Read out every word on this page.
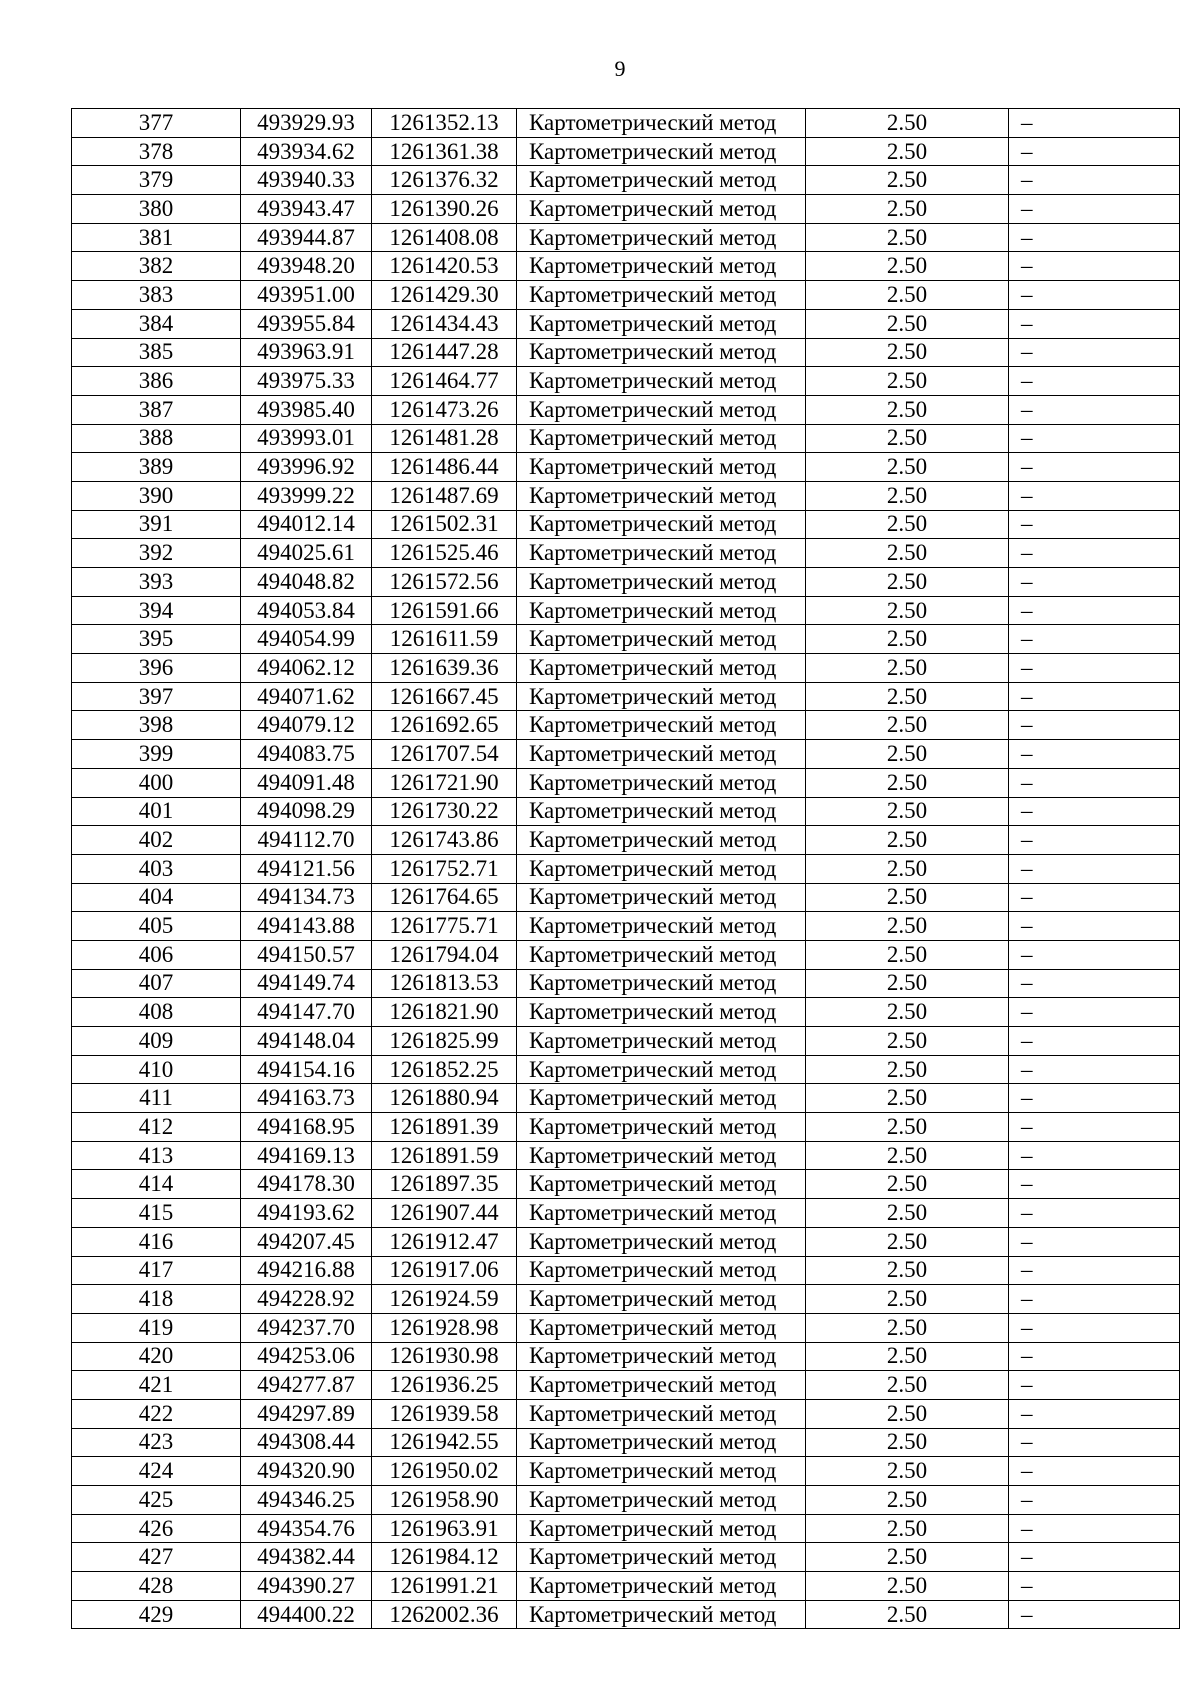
9
377	493929.93	1261352.13	Картометрический метод	2.50	–
378	493934.62	1261361.38	Картометрический метод	2.50	–
379	493940.33	1261376.32	Картометрический метод	2.50	–
380	493943.47	1261390.26	Картометрический метод	2.50	–
381	493944.87	1261408.08	Картометрический метод	2.50	–
382	493948.20	1261420.53	Картометрический метод	2.50	–
383	493951.00	1261429.30	Картометрический метод	2.50	–
384	493955.84	1261434.43	Картометрический метод	2.50	–
385	493963.91	1261447.28	Картометрический метод	2.50	–
386	493975.33	1261464.77	Картометрический метод	2.50	–
387	493985.40	1261473.26	Картометрический метод	2.50	–
388	493993.01	1261481.28	Картометрический метод	2.50	–
389	493996.92	1261486.44	Картометрический метод	2.50	–
390	493999.22	1261487.69	Картометрический метод	2.50	–
391	494012.14	1261502.31	Картометрический метод	2.50	–
392	494025.61	1261525.46	Картометрический метод	2.50	–
393	494048.82	1261572.56	Картометрический метод	2.50	–
394	494053.84	1261591.66	Картометрический метод	2.50	–
395	494054.99	1261611.59	Картометрический метод	2.50	–
396	494062.12	1261639.36	Картометрический метод	2.50	–
397	494071.62	1261667.45	Картометрический метод	2.50	–
398	494079.12	1261692.65	Картометрический метод	2.50	–
399	494083.75	1261707.54	Картометрический метод	2.50	–
400	494091.48	1261721.90	Картометрический метод	2.50	–
401	494098.29	1261730.22	Картометрический метод	2.50	–
402	494112.70	1261743.86	Картометрический метод	2.50	–
403	494121.56	1261752.71	Картометрический метод	2.50	–
404	494134.73	1261764.65	Картометрический метод	2.50	–
405	494143.88	1261775.71	Картометрический метод	2.50	–
406	494150.57	1261794.04	Картометрический метод	2.50	–
407	494149.74	1261813.53	Картометрический метод	2.50	–
408	494147.70	1261821.90	Картометрический метод	2.50	–
409	494148.04	1261825.99	Картометрический метод	2.50	–
410	494154.16	1261852.25	Картометрический метод	2.50	–
411	494163.73	1261880.94	Картометрический метод	2.50	–
412	494168.95	1261891.39	Картометрический метод	2.50	–
413	494169.13	1261891.59	Картометрический метод	2.50	–
414	494178.30	1261897.35	Картометрический метод	2.50	–
415	494193.62	1261907.44	Картометрический метод	2.50	–
416	494207.45	1261912.47	Картометрический метод	2.50	–
417	494216.88	1261917.06	Картометрический метод	2.50	–
418	494228.92	1261924.59	Картометрический метод	2.50	–
419	494237.70	1261928.98	Картометрический метод	2.50	–
420	494253.06	1261930.98	Картометрический метод	2.50	–
421	494277.87	1261936.25	Картометрический метод	2.50	–
422	494297.89	1261939.58	Картометрический метод	2.50	–
423	494308.44	1261942.55	Картометрический метод	2.50	–
424	494320.90	1261950.02	Картометрический метод	2.50	–
425	494346.25	1261958.90	Картометрический метод	2.50	–
426	494354.76	1261963.91	Картометрический метод	2.50	–
427	494382.44	1261984.12	Картометрический метод	2.50	–
428	494390.27	1261991.21	Картометрический метод	2.50	–
429	494400.22	1262002.36	Картометрический метод	2.50	–
